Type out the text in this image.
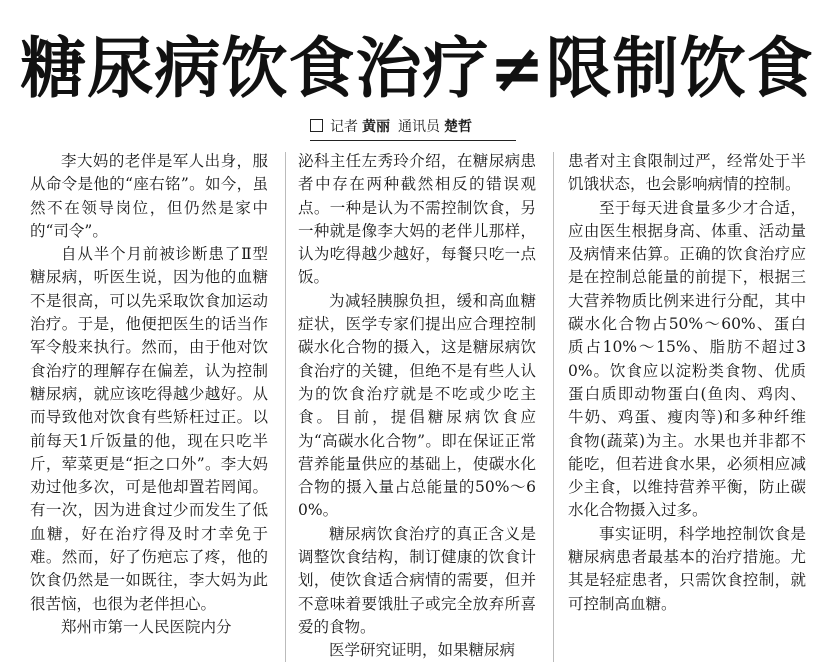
糖尿病饮食治疗≠限制饮食
记者 黄丽 通讯员 楚哲

李大妈的老伴是军人出身，服从命令是他的“座右铭”。如今，虽然不在领导岗位，但仍然是家中的“司令”。

自从半个月前被诊断患了Ⅱ型糖尿病，听医生说，因为他的血糖不是很高，可以先采取饮食加运动治疗。于是，他便把医生的话当作军令般来执行。然而，由于他对饮食治疗的理解存在偏差，认为控制糖尿病，就应该吃得越少越好。从而导致他对饮食有些矫枉过正。以前每天1斤饭量的他，现在只吃半斤，荤菜更是“拒之口外”。李大妈劝过他多次，可是他却置若罔闻。有一次，因为进食过少而发生了低血糖，好在治疗得及时才幸免于难。然而，好了伤疤忘了疼，他的饮食仍然是一如既往，李大妈为此很苦恼，也很为老伴担心。

郑州市第一人民医院内分

泌科主任左秀玲介绍，在糖尿病患者中存在两种截然相反的错误观点。一种是认为不需控制饮食，另一种就是像李大妈的老伴儿那样，认为吃得越少越好，每餐只吃一点饭。

为减轻胰腺负担，缓和高血糖症状，医学专家们提出应合理控制碳水化合物的摄入，这是糖尿病饮食治疗的关键，但绝不是有些人认为的饮食治疗就是不吃或少吃主食。目前，提倡糖尿病饮食应为“高碳水化合物”。即在保证正常营养能量供应的基础上，使碳水化合物的摄入量占总能量的50%～60%。

糖尿病饮食治疗的真正含义是调整饮食结构，制订健康的饮食计划，使饮食适合病情的需要，但并不意味着要饿肚子或完全放弃所喜爱的食物。

医学研究证明，如果糖尿病

患者对主食限制过严，经常处于半饥饿状态，也会影响病情的控制。

至于每天进食量多少才合适，应由医生根据身高、体重、活动量及病情来估算。正确的饮食治疗应是在控制总能量的前提下，根据三大营养物质比例来进行分配，其中碳水化合物占50%～60%、蛋白质占10%～15%、脂肪不超过30%。饮食应以淀粉类食物、优质蛋白质即动物蛋白(鱼肉、鸡肉、牛奶、鸡蛋、瘦肉等)和多种纤维食物(蔬菜)为主。水果也并非都不能吃，但若进食水果，必须相应减少主食，以维持营养平衡，防止碳水化合物摄入过多。

事实证明，科学地控制饮食是糖尿病患者最基本的治疗措施。尤其是轻症患者，只需饮食控制，就可控制高血糖。
